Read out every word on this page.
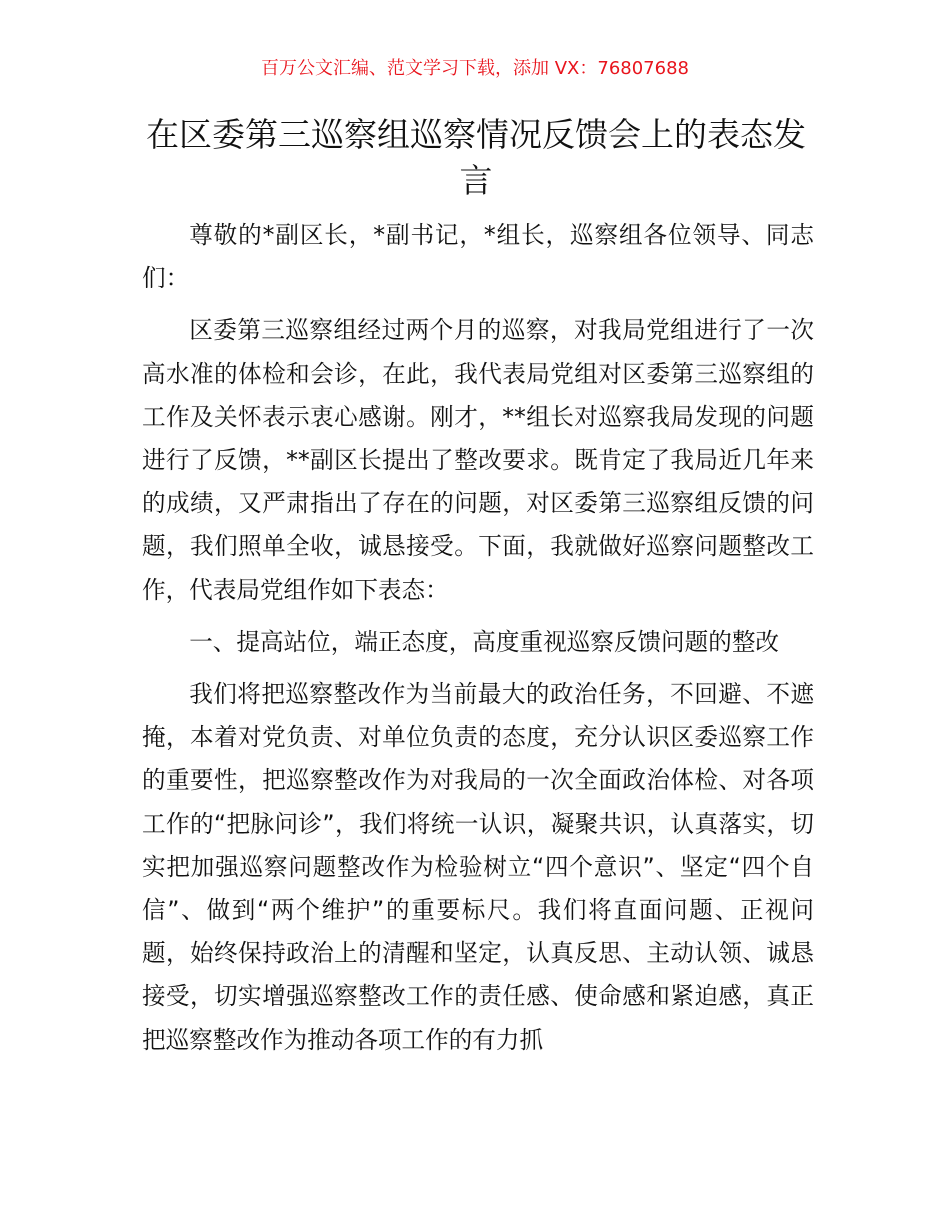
百万公文汇编、范文学习下载，添加 VX：76807688
在区委第三巡察组巡察情况反馈会上的表态发言

尊敬的*副区长，*副书记，*组长，巡察组各位领导、同志们：

区委第三巡察组经过两个月的巡察，对我局党组进行了一次高水准的体检和会诊，在此，我代表局党组对区委第三巡察组的工作及关怀表示衷心感谢。刚才，**组长对巡察我局发现的问题进行了反馈，**副区长提出了整改要求。既肯定了我局近几年来的成绩，又严肃指出了存在的问题，对区委第三巡察组反馈的问题，我们照单全收，诚恳接受。下面，我就做好巡察问题整改工作，代表局党组作如下表态：

一、提高站位，端正态度，高度重视巡察反馈问题的整改

我们将把巡察整改作为当前最大的政治任务，不回避、不遮掩，本着对党负责、对单位负责的态度，充分认识区委巡察工作的重要性，把巡察整改作为对我局的一次全面政治体检、对各项工作的“把脉问诊”，我们将统一认识，凝聚共识，认真落实，切实把加强巡察问题整改作为检验树立“四个意识”、坚定“四个自信”、做到“两个维护”的重要标尺。我们将直面问题、正视问题，始终保持政治上的清醒和坚定，认真反思、主动认领、诚恳接受，切实增强巡察整改工作的责任感、使命感和紧迫感，真正把巡察整改作为推动各项工作的有力抓
